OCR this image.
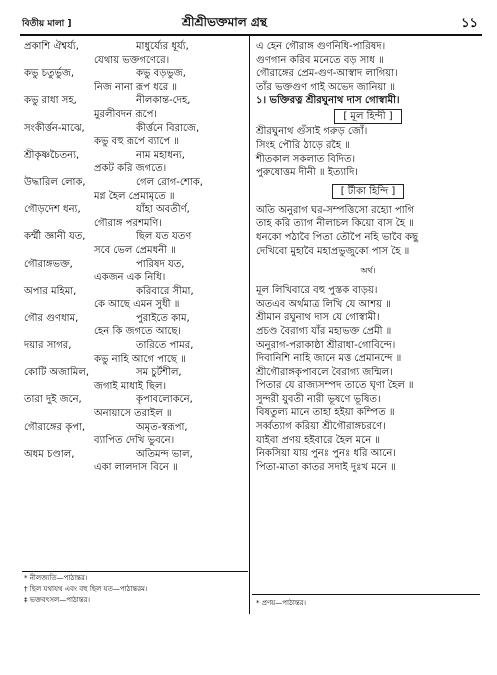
বিতীয় মালা ]	শ্রীশ্রীভক্তমাল গ্রন্থ	১১
প্রকাশি ঐশ্বর্য্য,	মাধুর্য্যের ধূর্য্য,
যেথায় ভক্তগণেরে।
কভু চতুর্ভুজ,	কভু বড়ভুজ,
নিজ নানা রূপ ধরে ॥
কভু রাধা সহ,	নীলকান্ত-দেহ,
মুরলীবদন রূপে।
সংকীর্ত্তন-মাঝে,	কীর্ত্তনে বিরাজে,
কভু বহু রূপে ব্যাপে ॥
শ্রীকৃষ্ণচৈতন্য,	নাম মহাধন্য,
প্রকট করি জগতে।
উদ্ধারিল লোক,	গেল রোগ-শোক,
মগ্ন হৈল প্রেমামৃতে ॥
গৌড়দেশ ধন্য,	যাঁহা অবতীর্ণ,
গৌরাঙ্গ পরশমণি।
কর্ম্মী জ্ঞানী যত,	ছিল যত যতণ
সবে ভেল প্রেমধনী ॥
গৌরাঙ্গভক্ত,	পারিষদ যত,
একজন এক নিধি।
অপার মহিমা,	করিবারে সীমা,
কে আছে এমন সুধী ॥
গৌর গুণধাম,	পুরাইতে কাম,
হেন কি জগতে আছে।
দয়ার সাগর,	তারিতে পামর,
কভু নাহি আগে পাছে ॥
কোটি অজামিল,	সম চুৰ্টশীল,
জগাই মাধাই ছিল।
তারা দুই জনে,	কৃপাবলোকনে,
অনায়াসে তরাইল ॥
গৌরাঙ্গের কৃপা,	অমৃত-স্বরূপা,
ব্যাপিত দেখি ভুবনে।
অধম চণ্ডাল,	অতিমন্দ ভাল,
একা লালদাস বিনে ॥
এ হেন গৌরাঙ্গ গুণনিধি-পারিষদ।
গুণগান করিব মনেতে বড় সাধ ॥
গৌরাঙ্গের প্রেম-গুণ-আস্বাদ লাগিয়া।
তাঁর ভক্তগুণ গাই অভেদ জানিয়া ॥
১। ভক্তিরত্ন শ্রীরঘুনাথ দাস গোস্বামী।
[ মূল হিন্দী ]
শ্রীরঘুনাথ গুঁসাই গরুড় জোঁ।
সিংহ পৌরি ঠাড়ে রহৈ ॥
শীতকাল সকলাত বিদিত।
পুরুষোত্তম দীনী ॥ ইত্যাদি।
[ টীকা হিন্দি ]
অতি অনুরাগ ঘর-সম্পত্তিসো রহ্যো পাগি
তাহ করি ত্যাগ নীলাচল কিয়ো বাস হৈ ॥
ধনকো পঠাবৈ পিতা তৌপৈ নহি ভাবৈ কছু
দেখিবো মুহাবৈ মহাপ্রভুজুকো পাস হৈ ॥
অর্থ।
মূল লিখিবারে বহু পুস্তক বাড়য়।
অতএব অর্থমাত্র লিখি যে আশয় ॥
শ্রীমান রঘুনাথ দাস যে গোস্বামী।
প্রচণ্ড বৈরাগ্য যাঁর মহাভক্ত প্রেমী ॥
অনুরাগ-পরাকাষ্ঠা শ্রীরাধা-গোবিন্দে।
দিবানিশি নাহি জানে মত্ত প্রেমানন্দে ॥
শ্রীগৌরাঙ্গকৃপাবলে বৈরাগ্য জন্মিল।
পিতার যে রাজ্যসম্পদ তাতে ঘৃণা হৈল ॥
সুন্দরী যুবতী নারী ভূষণে ভূষিত।
বিষতুল্য মানে তাহা হইয়া কম্পিত ॥
সর্ব্বত্যাগ করিয়া শ্রীগৌরাঙ্গচরণে।
যাইবা প্রণয় হইবারে হৈল মনে ॥
নিকসিয়া যায় পুনঃ পুনঃ ধরি আনে।
পিতা-মাতা কাতর সদাই দুঃখ মনে ॥
* নীলজ্যতি—পাঠান্তর।
† ছিল যথাযথ এবং বহু ছিল যত—পাঠান্তরম।
‡ ভক্তবৎসল—পাঠান্তর।	* প্রণয়—পাঠান্তর।
